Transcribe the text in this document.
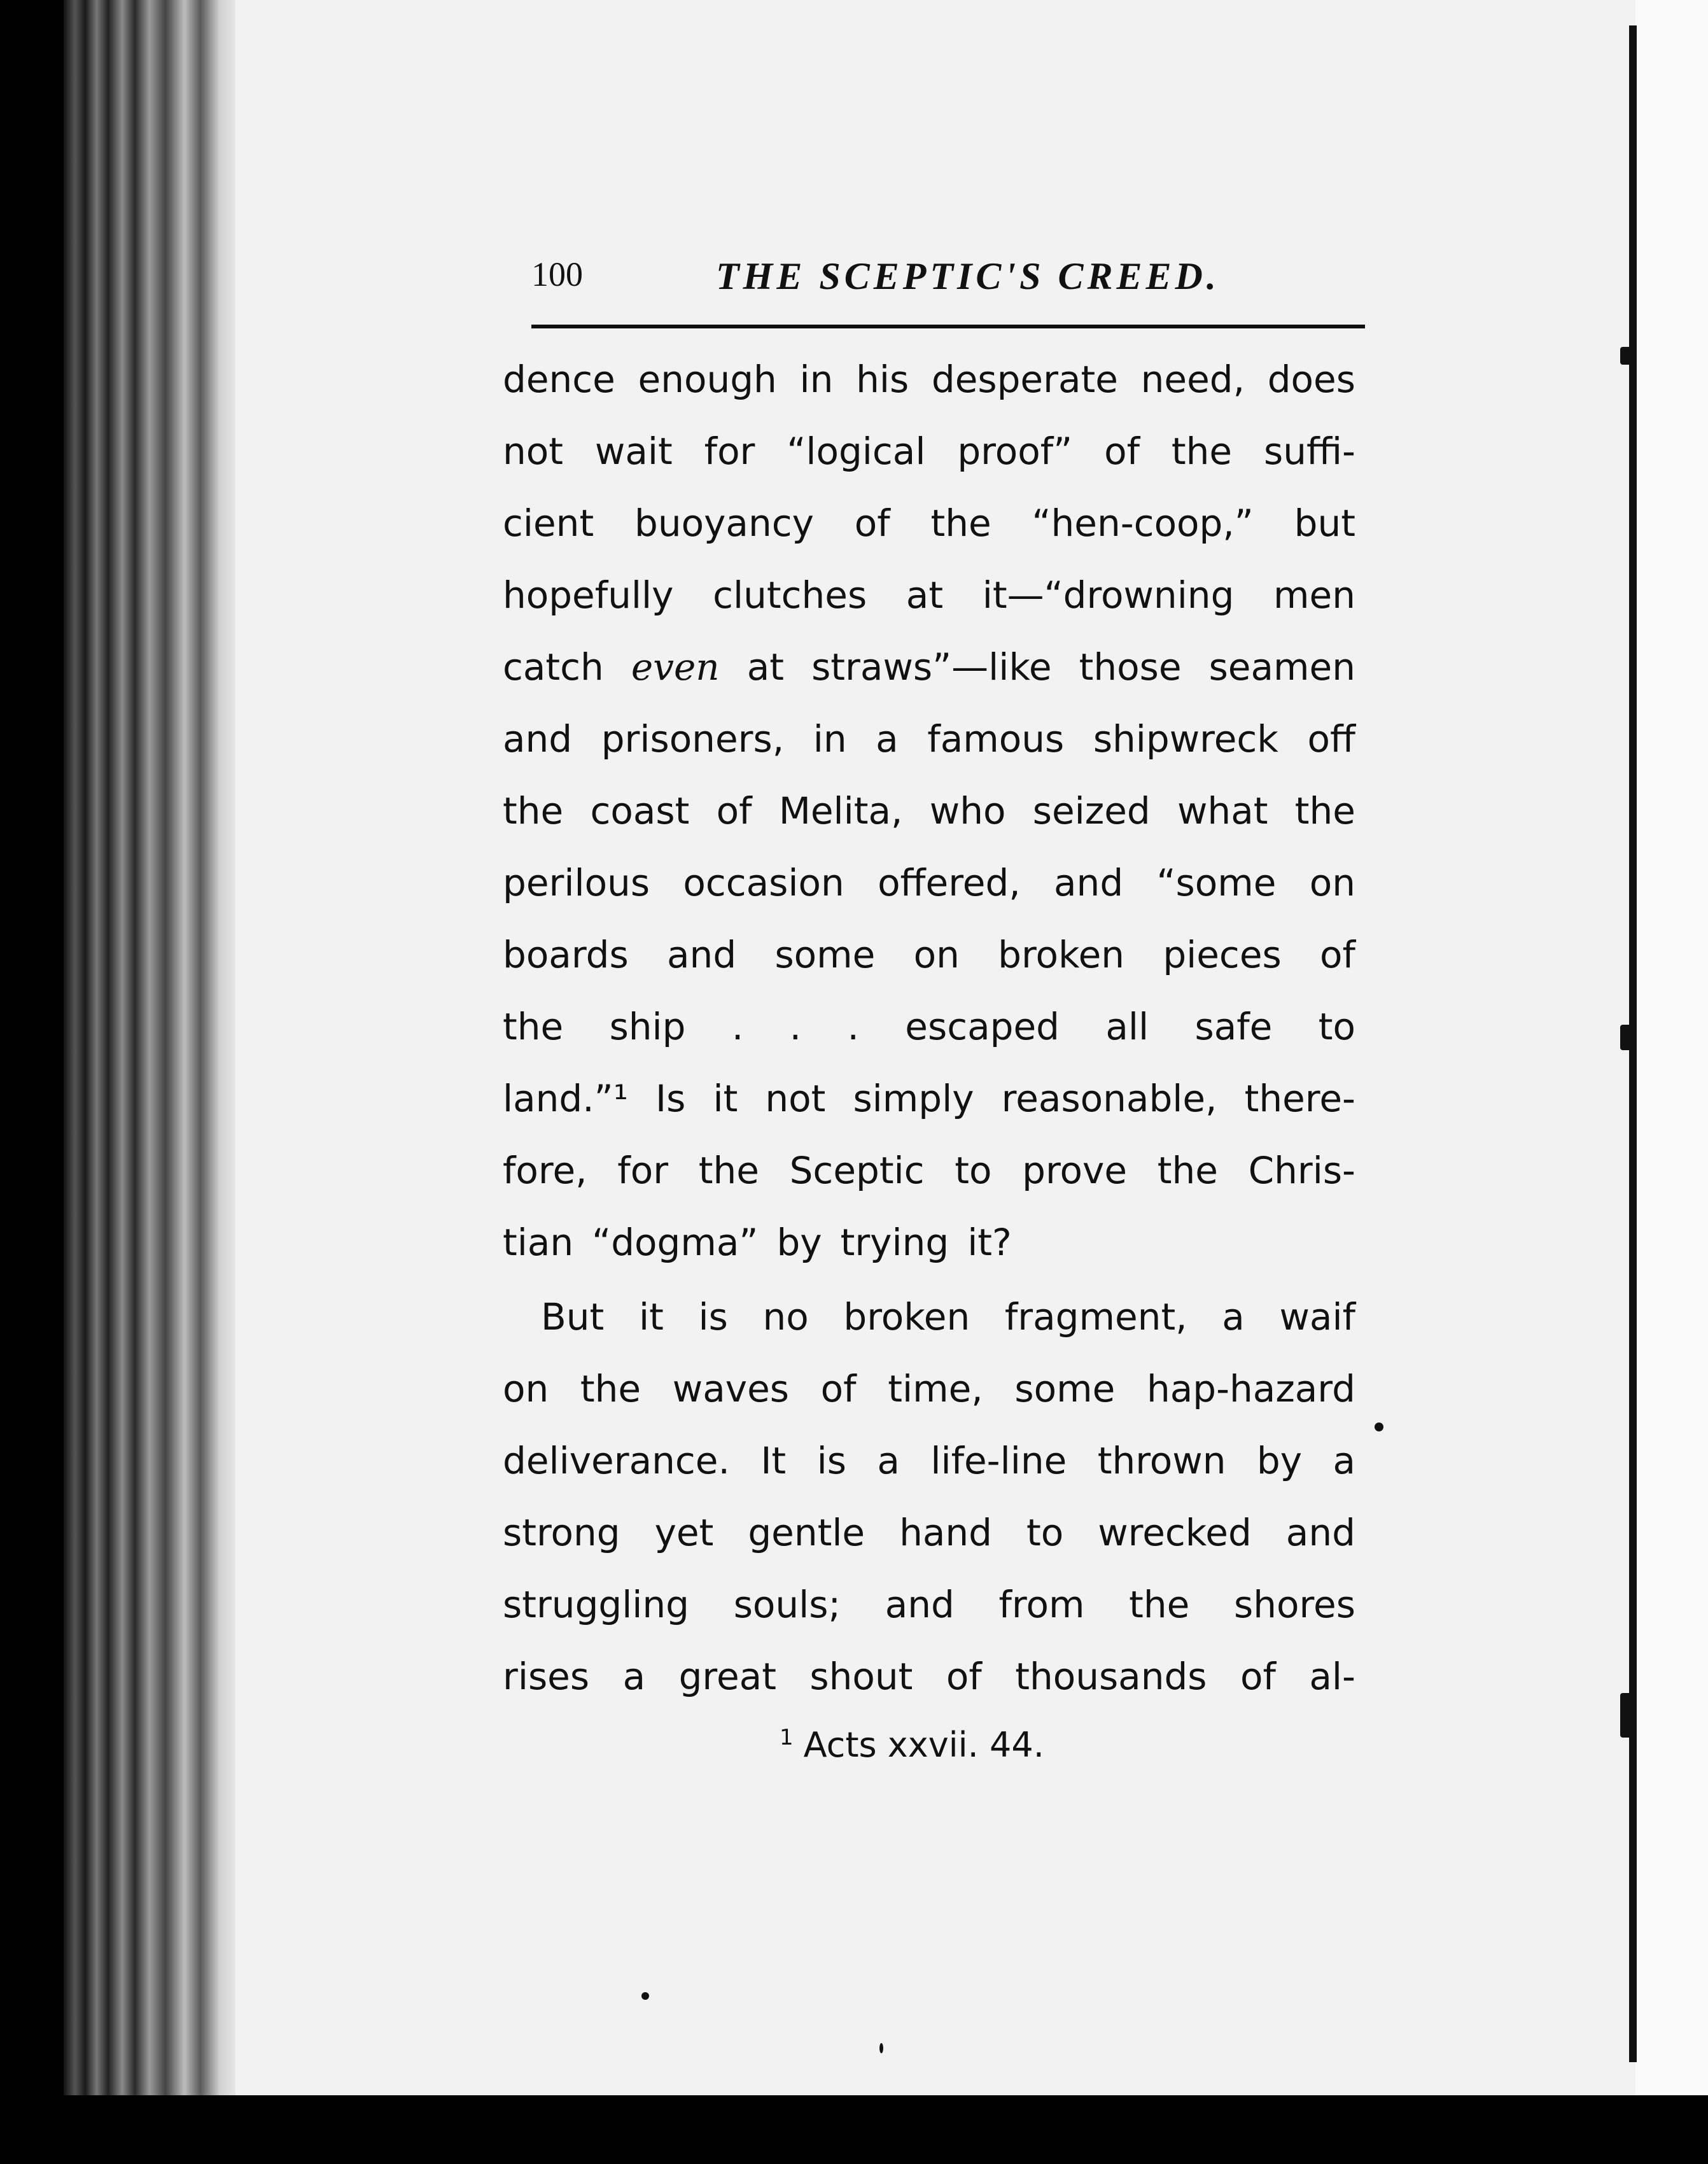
100	THE SCEPTIC'S CREED.
dence enough in his desperate need, does
not wait for “logical proof” of the suffi-
cient buoyancy of the “hen-coop,” but
hopefully clutches at it—“drowning men
catch even at straws”—like those seamen
and prisoners, in a famous shipwreck off
the coast of Melita, who seized what the
perilous occasion offered, and “some on
boards and some on broken pieces of
the ship . . . escaped all safe to
land.”¹ Is it not simply reasonable, there-
fore, for the Sceptic to prove the Chris-
tian “dogma” by trying it?
But it is no broken fragment, a waif
on the waves of time, some hap-hazard
deliverance. It is a life-line thrown by a
strong yet gentle hand to wrecked and
struggling souls; and from the shores
rises a great shout of thousands of al-
$^1$ Acts xxvii. 44.
